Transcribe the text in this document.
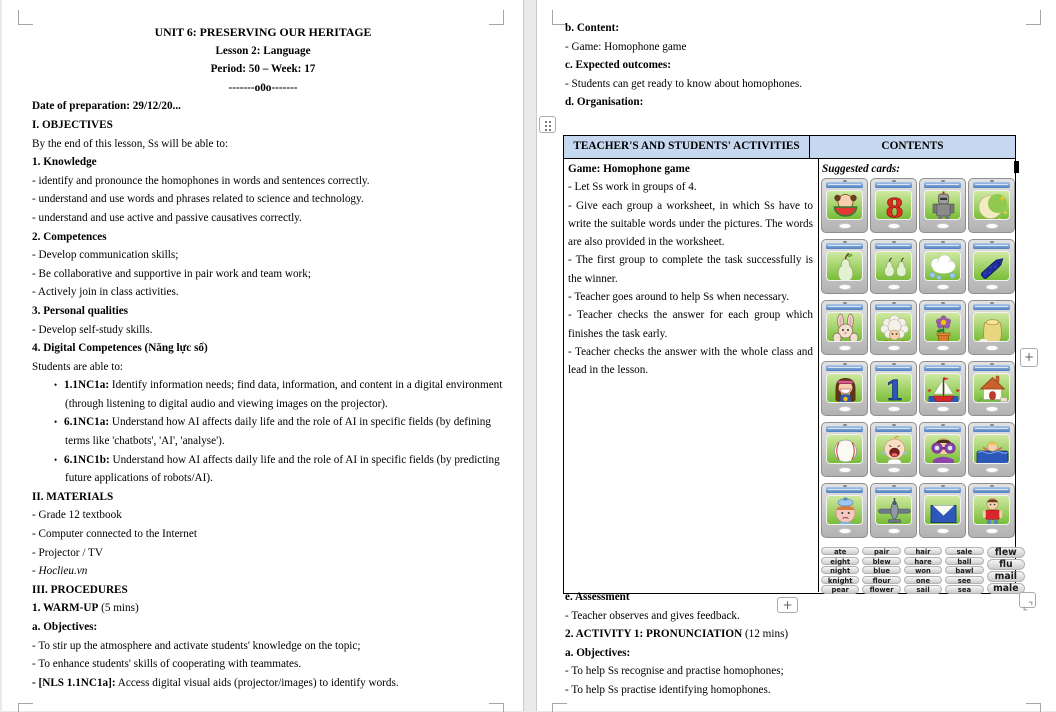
UNIT 6: PRESERVING OUR HERITAGE
Lesson 2: Language
Period: 50 – Week: 17
-------o0o-------
Date of preparation: 29/12/20...
I. OBJECTIVES
By the end of this lesson, Ss will be able to:
1. Knowledge
- identify and pronounce the homophones in words and sentences correctly.
- understand and use words and phrases related to science and technology.
- understand and use active and passive causatives correctly.
2. Competences
- Develop communication skills;
- Be collaborative and supportive in pair work and team work;
- Actively join in class activities.
3. Personal qualities
- Develop self-study skills.
4. Digital Competences (Năng lực số)
Students are able to:
• 1.1NC1a: Identify information needs; find data, information, and content in a digital environment
(through listening to digital audio and viewing images on the projector).
• 6.1NC1a: Understand how AI affects daily life and the role of AI in specific fields (by defining
terms like 'chatbots', 'AI', 'analyse').
• 6.1NC1b: Understand how AI affects daily life and the role of AI in specific fields (by predicting
future applications of robots/AI).
II. MATERIALS
- Grade 12 textbook
- Computer connected to the Internet
- Projector / TV
- Hoclieu.vn
III. PROCEDURES
1. WARM-UP (5 mins)
a. Objectives:
- To stir up the atmosphere and activate students' knowledge on the topic;
- To enhance students' skills of cooperating with teammates.
- [NLS 1.1NC1a]: Access digital visual aids (projector/images) to identify words.
b. Content:
- Game: Homophone game
c. Expected outcomes:
- Students can get ready to know about homophones.
d. Organisation:
TEACHER'S AND STUDENTS' ACTIVITIES	CONTENTS
Game: Homophone game
- Let Ss work in groups of 4.
- Give each group a worksheet, in which Ss have to write the suitable words under the pictures. The words are also provided in the worksheet.
- The first group to complete the task successfully is the winner.
- Teacher goes around to help Ss when necessary.
- Teacher checks the answer for each group which finishes the task early.
- Teacher checks the answer with the whole class and lead in the lesson.
Suggested cards:
8
1
ate
eight
night
knight
pear
pair
blew
blue
flour
flower
hair
hare
won
one
sail
sale
ball
bawl
see
sea
flew
flu
mail
male
+
+
e. Assessment
- Teacher observes and gives feedback.
2. ACTIVITY 1: PRONUNCIATION (12 mins)
a. Objectives:
- To help Ss recognise and practise homophones;
- To help Ss practise identifying homophones.
